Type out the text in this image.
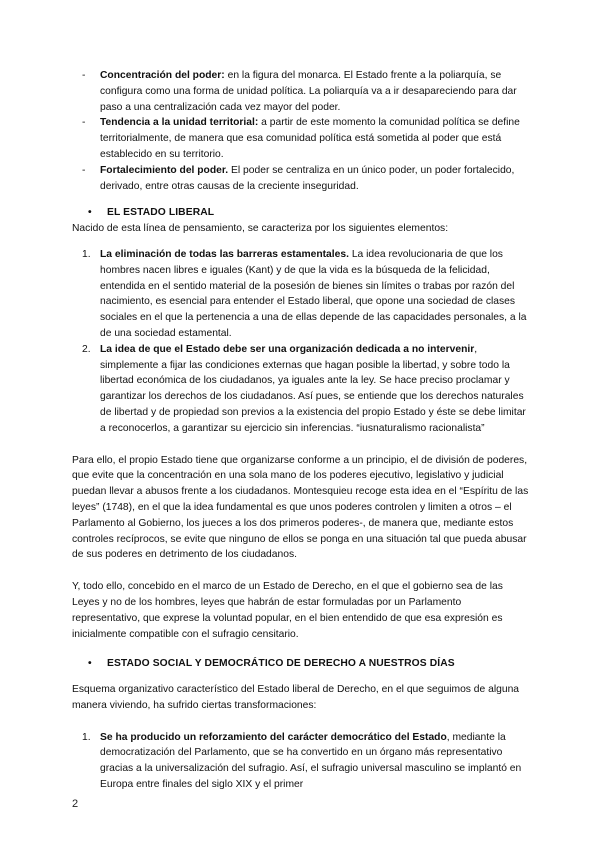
- Concentración del poder: en la figura del monarca. El Estado frente a la poliarquía, se configura como una forma de unidad política. La poliarquía va a ir desapareciendo para dar paso a una centralización cada vez mayor del poder.
- Tendencia a la unidad territorial: a partir de este momento la comunidad política se define territorialmente, de manera que esa comunidad política está sometida al poder que está establecido en su territorio.
- Fortalecimiento del poder. El poder se centraliza en un único poder, un poder fortalecido, derivado, entre otras causas de la creciente inseguridad.
• EL ESTADO LIBERAL

Nacido de esta línea de pensamiento, se caracteriza por los siguientes elementos:

1. La eliminación de todas las barreras estamentales. La idea revolucionaria de que los hombres nacen libres e iguales (Kant) y de que la vida es la búsqueda de la felicidad, entendida en el sentido material de la posesión de bienes sin límites o trabas por razón del nacimiento, es esencial para entender el Estado liberal, que opone una sociedad de clases sociales en el que la pertenencia a una de ellas depende de las capacidades personales, a la de una sociedad estamental.
2. La idea de que el Estado debe ser una organización dedicada a no intervenir, simplemente a fijar las condiciones externas que hagan posible la libertad, y sobre todo la libertad económica de los ciudadanos, ya iguales ante la ley. Se hace preciso proclamar y garantizar los derechos de los ciudadanos. Así pues, se entiende que los derechos naturales de libertad y de propiedad son previos a la existencia del propio Estado y éste se debe limitar a reconocerlos, a garantizar su ejercicio sin inferencias. “iusnaturalismo racionalista”

Para ello, el propio Estado tiene que organizarse conforme a un principio, el de división de poderes, que evite que la concentración en una sola mano de los poderes ejecutivo, legislativo y judicial puedan llevar a abusos frente a los ciudadanos. Montesquieu recoge esta idea en el “Espíritu de las leyes” (1748), en el que la idea fundamental es que unos poderes controlen y limiten a otros – el Parlamento al Gobierno, los jueces a los dos primeros poderes-, de manera que, mediante estos controles recíprocos, se evite que ninguno de ellos se ponga en una situación tal que pueda abusar de sus poderes en detrimento de los ciudadanos.

Y, todo ello, concebido en el marco de un Estado de Derecho, en el que el gobierno sea de las Leyes y no de los hombres, leyes que habrán de estar formuladas por un Parlamento representativo, que exprese la voluntad popular, en el bien entendido de que esa expresión es inicialmente compatible con el sufragio censitario.

• ESTADO SOCIAL Y DEMOCRÁTICO DE DERECHO A NUESTROS DÍAS

Esquema organizativo característico del Estado liberal de Derecho, en el que seguimos de alguna manera viviendo, ha sufrido ciertas transformaciones:

1. Se ha producido un reforzamiento del carácter democrático del Estado, mediante la democratización del Parlamento, que se ha convertido en un órgano más representativo gracias a la universalización del sufragio. Así, el sufragio universal masculino se implantó en Europa entre finales del siglo XIX y el primer
2
